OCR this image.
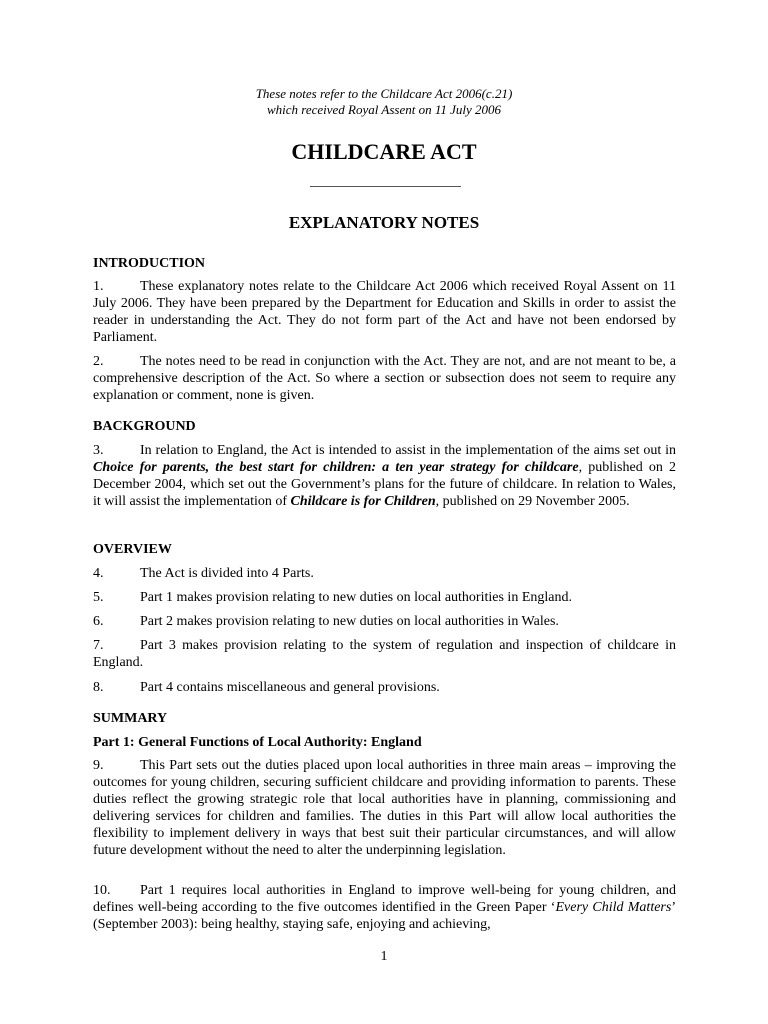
These notes refer to the Childcare Act 2006(c.21)
which received Royal Assent on 11 July 2006
CHILDCARE ACT
EXPLANATORY NOTES
INTRODUCTION
1.	These explanatory notes relate to the Childcare Act 2006 which received Royal Assent on 11 July 2006. They have been prepared by the Department for Education and Skills in order to assist the reader in understanding the Act. They do not form part of the Act and have not been endorsed by Parliament.
2.	The notes need to be read in conjunction with the Act. They are not, and are not meant to be, a comprehensive description of the Act. So where a section or subsection does not seem to require any explanation or comment, none is given.
BACKGROUND
3.	In relation to England, the Act is intended to assist in the implementation of the aims set out in Choice for parents, the best start for children: a ten year strategy for childcare, published on 2 December 2004, which set out the Government’s plans for the future of childcare. In relation to Wales, it will assist the implementation of Childcare is for Children, published on 29 November 2005.
OVERVIEW
4.	The Act is divided into 4 Parts.
5.	Part 1 makes provision relating to new duties on local authorities in England.
6.	Part 2 makes provision relating to new duties on local authorities in Wales.
7.	Part 3 makes provision relating to the system of regulation and inspection of childcare in England.
8.	Part 4 contains miscellaneous and general provisions.
SUMMARY
Part 1: General Functions of Local Authority: England
9.	This Part sets out the duties placed upon local authorities in three main areas – improving the outcomes for young children, securing sufficient childcare and providing information to parents. These duties reflect the growing strategic role that local authorities have in planning, commissioning and delivering services for children and families. The duties in this Part will allow local authorities the flexibility to implement delivery in ways that best suit their particular circumstances, and will allow future development without the need to alter the underpinning legislation.
10. Part 1 requires local authorities in England to improve well-being for young children, and defines well-being according to the five outcomes identified in the Green Paper ‘Every Child Matters’ (September 2003): being healthy, staying safe, enjoying and achieving,
1
